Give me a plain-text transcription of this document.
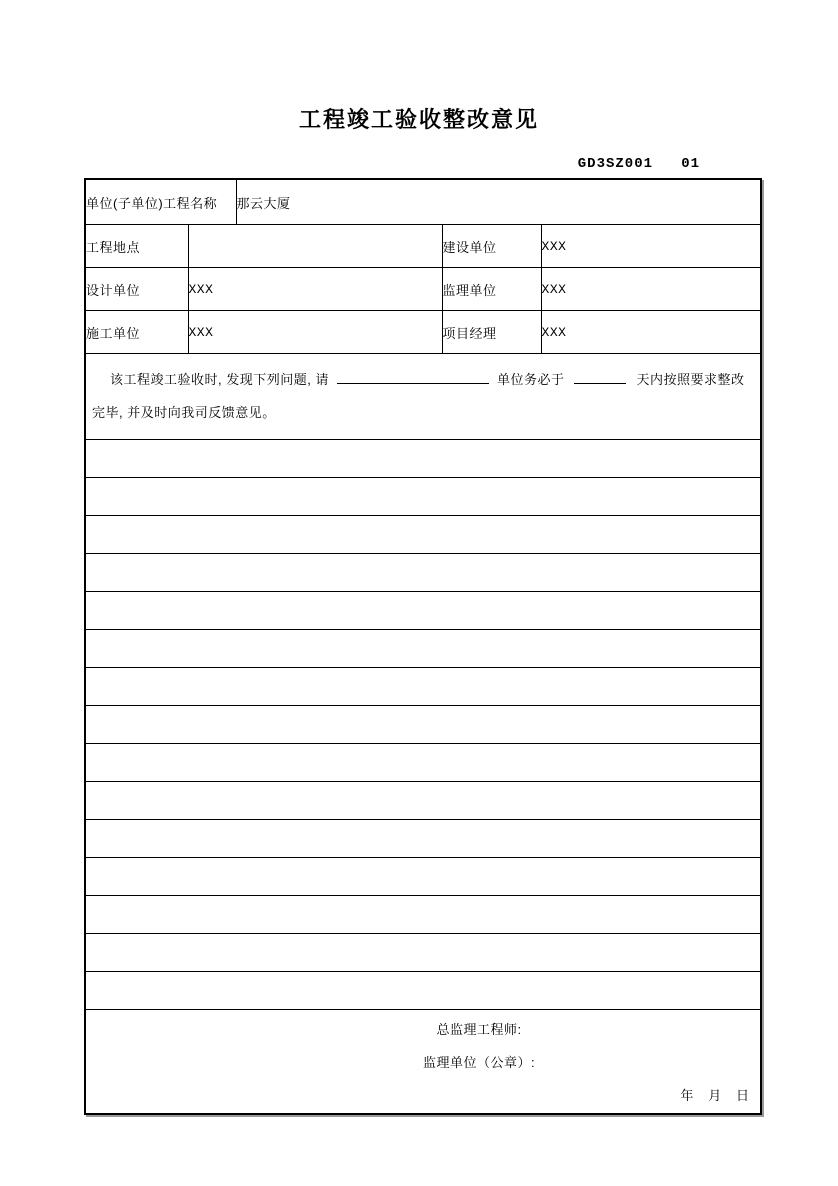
工程竣工验收整改意见
GD3SZ001   01
单位(子单位)工程名称		那云大厦		
工程地点			建设单位	XXX
设计单位	XXX		监理单位	XXX
施工单位	XXX		项目经理	XXX

该工程竣工验收时, 发现下列问题, 请 单位务必于 天内按照要求整改
完毕, 并及时向我司反馈意见。				

总监理工程师:
监理单位（公章）:
年   月   日				
